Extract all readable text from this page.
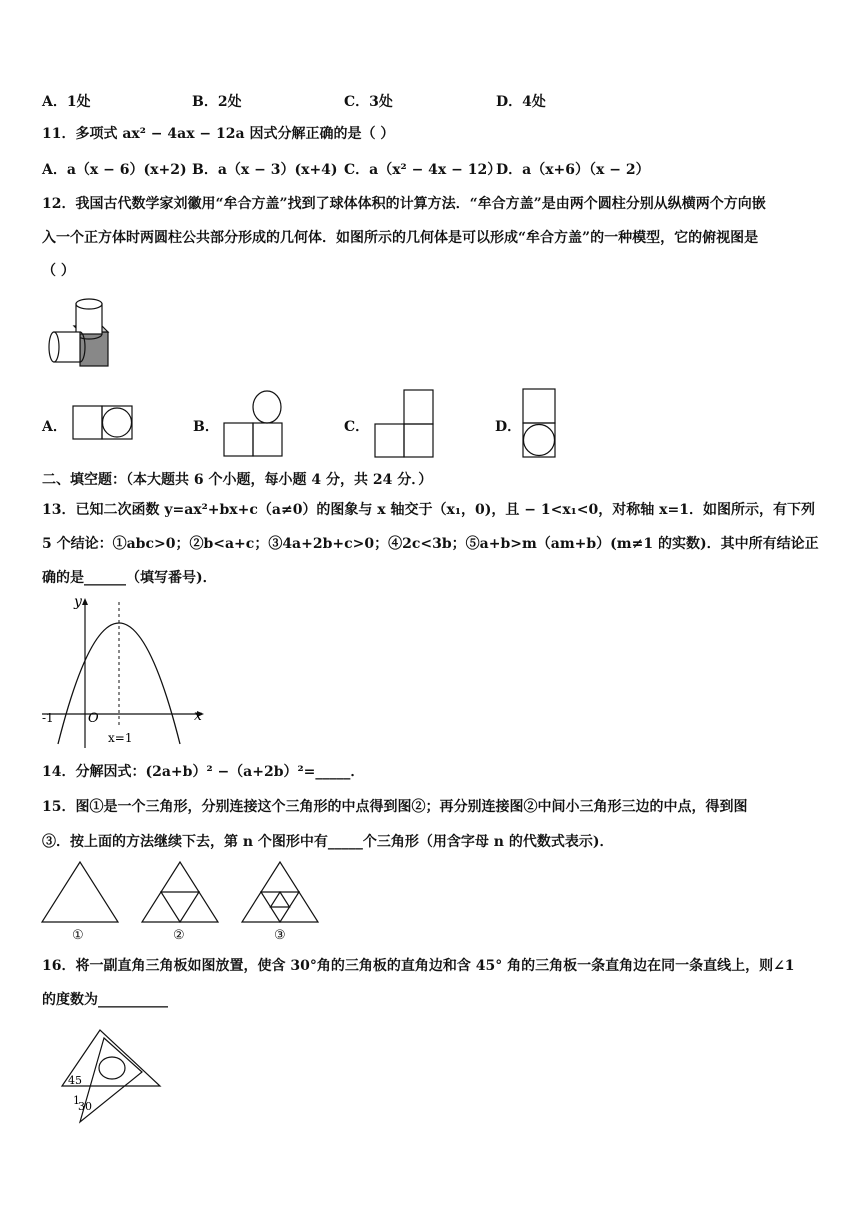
A．1处	B．2处	C．3处	D．4处
11．多项式 ax² − 4ax − 12a 因式分解正确的是（ ）
A．a（x − 6）(x+2) B．a（x − 3）(x+4) C．a（x² − 4x − 12）
D．a（x+6）（x − 2）
12．我国古代数学家刘徽用“牟合方盖”找到了球体体积的计算方法．“牟合方盖”是由两个圆柱分别从纵横两个方向嵌
入一个正方体时两圆柱公共部分形成的几何体．如图所示的几何体是可以形成“牟合方盖”的一种模型，它的俯视图是
（ ）
A．	B．	C．	D．
二、填空题：（本大题共 6 个小题，每小题 4 分，共 24 分．）
13．已知二次函数 y=ax²+bx+c（a≠0）的图象与 x 轴交于（x₁，0)，且 − 1<x₁<0，对称轴 x=1．如图所示，有下列
5 个结论：①abc>0；②b<a+c；③4a+2b+c>0；④2c<3b；⑤a+b>m（am+b）(m≠1 的实数)．其中所有结论正
确的是______（填写番号)．
y
x
-1	O
x=1
14．分解因式：(2a+b）² −（a+2b）²=_____．
15．图①是一个三角形，分别连接这个三角形的中点得到图②；再分别连接图②中间小三角形三边的中点，得到图
③．按上面的方法继续下去，第 n 个图形中有_____个三角形（用含字母 n 的代数式表示)．
①	②	③
16．将一副直角三角板如图放置，使含 30°角的三角板的直角边和含 45° 角的三角板一条直角边在同一条直线上，则∠1
的度数为__________
45
1
30
